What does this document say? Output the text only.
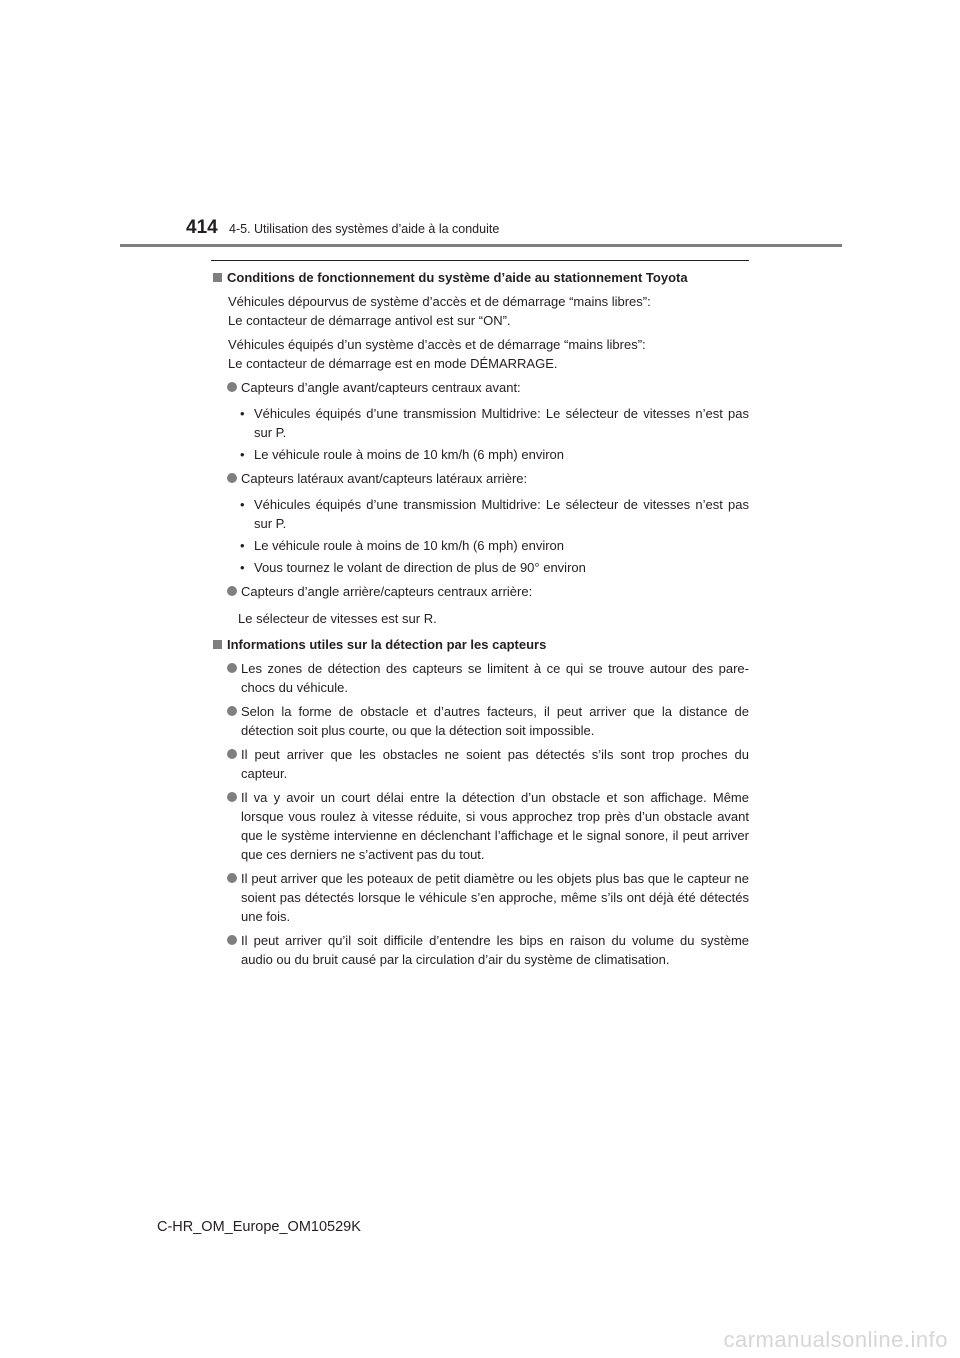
414 4-5. Utilisation des systèmes d’aide à la conduite
Conditions de fonctionnement du système d’aide au stationnement Toyota
Véhicules dépourvus de système d’accès et de démarrage “mains libres”:
Le contacteur de démarrage antivol est sur “ON”.
Véhicules équipés d’un système d’accès et de démarrage “mains libres”:
Le contacteur de démarrage est en mode DÉMARRAGE.
Capteurs d’angle avant/capteurs centraux avant:
• Véhicules équipés d’une transmission Multidrive: Le sélecteur de vitesses n’est pas sur P.
• Le véhicule roule à moins de 10 km/h (6 mph) environ
Capteurs latéraux avant/capteurs latéraux arrière:
• Véhicules équipés d’une transmission Multidrive: Le sélecteur de vitesses n’est pas sur P.
• Le véhicule roule à moins de 10 km/h (6 mph) environ
• Vous tournez le volant de direction de plus de 90° environ
Capteurs d’angle arrière/capteurs centraux arrière:
Le sélecteur de vitesses est sur R.
Informations utiles sur la détection par les capteurs
Les zones de détection des capteurs se limitent à ce qui se trouve autour des pare-chocs du véhicule.
Selon la forme de obstacle et d’autres facteurs, il peut arriver que la distance de détection soit plus courte, ou que la détection soit impossible.
Il peut arriver que les obstacles ne soient pas détectés s’ils sont trop proches du capteur.
Il va y avoir un court délai entre la détection d’un obstacle et son affichage. Même lorsque vous roulez à vitesse réduite, si vous approchez trop près d’un obstacle avant que le système intervienne en déclenchant l’affichage et le signal sonore, il peut arriver que ces derniers ne s’activent pas du tout.
Il peut arriver que les poteaux de petit diamètre ou les objets plus bas que le capteur ne soient pas détectés lorsque le véhicule s’en approche, même s’ils ont déjà été détectés une fois.
Il peut arriver qu’il soit difficile d’entendre les bips en raison du volume du système audio ou du bruit causé par la circulation d’air du système de climatisation.
C-HR_OM_Europe_OM10529K
carmanualsonline.info
